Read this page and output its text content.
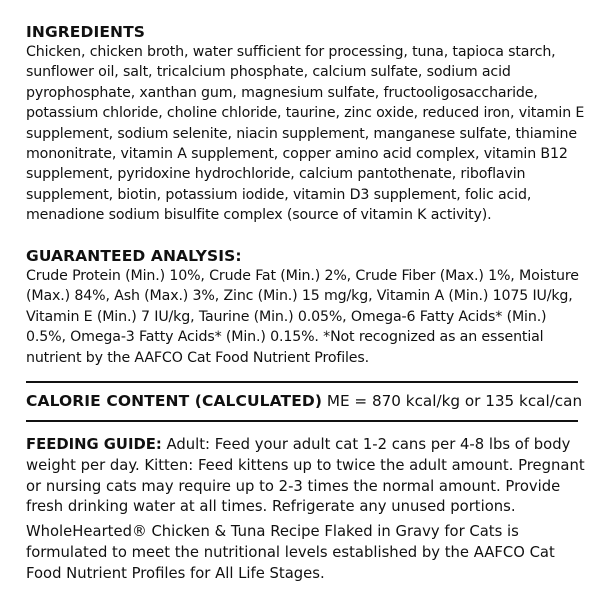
INGREDIENTS
Chicken, chicken broth, water sufficient for processing, tuna, tapioca starch, sunflower oil, salt, tricalcium phosphate, calcium sulfate, sodium acid pyrophosphate, xanthan gum, magnesium sulfate, fructooligosaccharide, potassium chloride, choline chloride, taurine, zinc oxide, reduced iron, vitamin E supplement, sodium selenite, niacin supplement, manganese sulfate, thiamine mononitrate, vitamin A supplement, copper amino acid complex, vitamin B12 supplement, pyridoxine hydrochloride, calcium pantothenate, riboflavin supplement, biotin, potassium iodide, vitamin D3 supplement, folic acid, menadione sodium bisulfite complex (source of vitamin K activity).
GUARANTEED ANALYSIS:
Crude Protein (Min.) 10%, Crude Fat (Min.) 2%, Crude Fiber (Max.) 1%, Moisture (Max.) 84%, Ash (Max.) 3%, Zinc (Min.) 15 mg/kg, Vitamin A (Min.) 1075 IU/kg, Vitamin E (Min.) 7 IU/kg, Taurine (Min.) 0.05%, Omega-6 Fatty Acids* (Min.) 0.5%, Omega-3 Fatty Acids* (Min.) 0.15%. *Not recognized as an essential nutrient by the AAFCO Cat Food Nutrient Profiles.
CALORIE CONTENT (CALCULATED) ME = 870 kcal/kg or 135 kcal/can
FEEDING GUIDE: Adult: Feed your adult cat 1-2 cans per 4-8 lbs of body weight per day. Kitten: Feed kittens up to twice the adult amount. Pregnant or nursing cats may require up to 2-3 times the normal amount. Provide fresh drinking water at all times. Refrigerate any unused portions.
WholeHearted® Chicken & Tuna Recipe Flaked in Gravy for Cats is formulated to meet the nutritional levels established by the AAFCO Cat Food Nutrient Profiles for All Life Stages.
